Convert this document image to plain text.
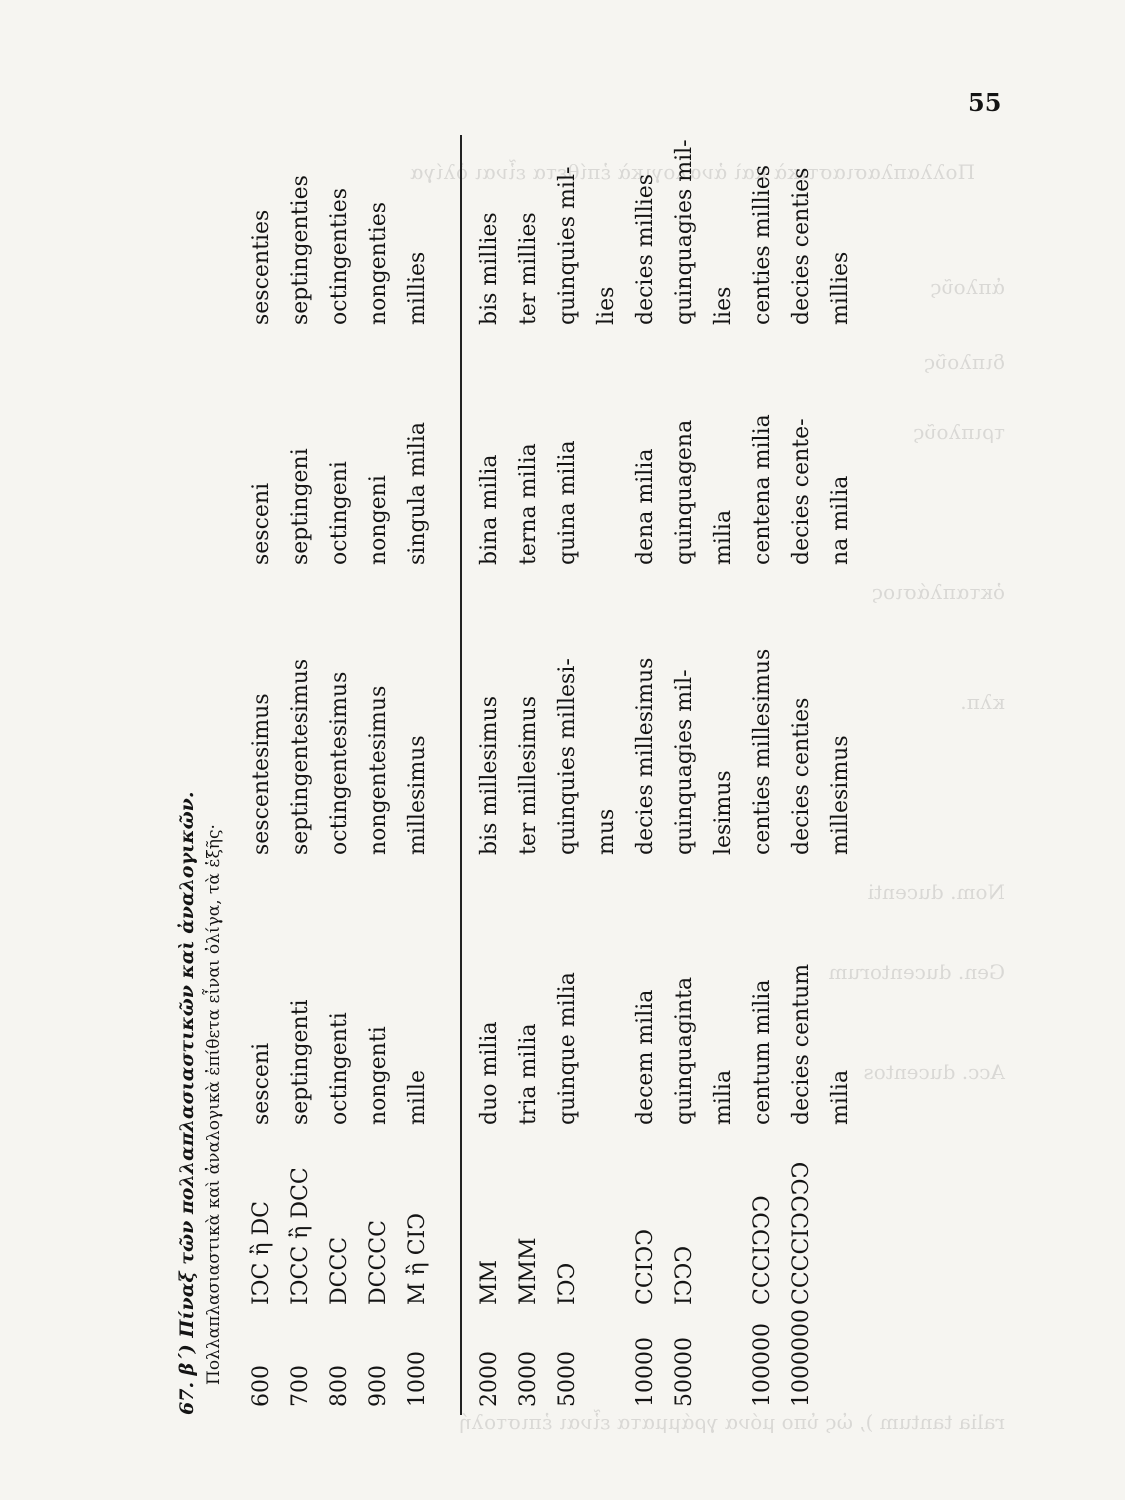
Πολλαπλασιαστικὰ καὶ ἀναλογικὰ ἐπίθετα εἶναι ὀλίγα
ἁπλοῦς
διπλοῦς
τριπλοῦς
ὀκταπλάσιος
κλπ.
Nom. ducenti
Gen. ducentorum
Acc. ducentos
ralia tantum ), ὡς ὑπο μόνα γράμματα εἶναι ἐπιστολή
55
67. β΄) Πίναξ τῶν πολλαπλασιαστικῶν καὶ ἀναλογικῶν. Πολλαπλασιαστικὰ καὶ ἀναλογικὰ ἐπίθετα εἶναι ὀλίγα, τὰ ἑξῆς·
600
IↃC ἢ DC
sesceni
sescentesimus
sesceni
sescenties
700
IↃCC ἢ DCC
septingenti
septingentesimus
septingeni
septingenties
800
DCCC
octingenti
octingentesimus
octingeni
octingenties
900
DCCCC
nongenti
nongentesimus
nongeni
nongenties
1000
M ἢ CIↃ
mille
millesimus
singula milia
millies
2000
MM
duo milia
bis millesimus
bina milia
bis millies
3000
MMM
tria milia
ter millesimus
terna milia
ter millies
5000
IↃↃ
quinque milia
quinquies millesi-
quina milia
quinquies mil-
mus
lies
10000
CCIↃↃ
decem milia
decies millesimus
dena milia
decies millies
50000
IↃↃↃ
quinquaginta
quinquagies mil-
quinquagena
quinquagies mil-
milia
lesimus
milia
lies
100000
CCCIↃↃↃ
centum milia
centies millesimus
centena milia
centies millies
1000000
CCCCIↃↃↃↃ
decies centum
decies centies
decies cente-
decies centies
milia
millesimus
na milia
millies
